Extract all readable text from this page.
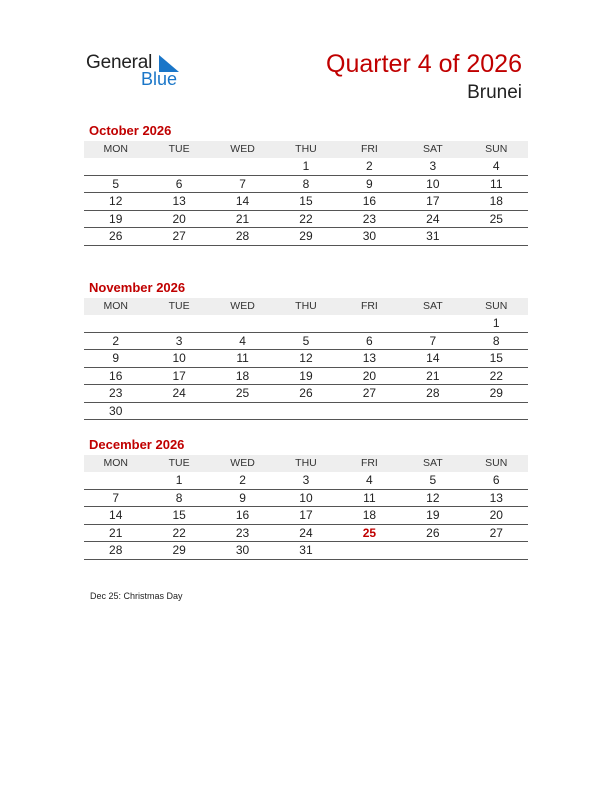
General
Blue
Quarter 4 of 2026
Brunei
October 2026
MON	TUE	WED	THU	FRI	SAT	SUN
			1	2	3	4
5	6	7	8	9	10	11
12	13	14	15	16	17	18
19	20	21	22	23	24	25
26	27	28	29	30	31	
November 2026
MON	TUE	WED	THU	FRI	SAT	SUN
						1
2	3	4	5	6	7	8
9	10	11	12	13	14	15
16	17	18	19	20	21	22
23	24	25	26	27	28	29
30						
December 2026
MON	TUE	WED	THU	FRI	SAT	SUN
	1	2	3	4	5	6
7	8	9	10	11	12	13
14	15	16	17	18	19	20
21	22	23	24	25	26	27
28	29	30	31			
Dec 25: Christmas Day
